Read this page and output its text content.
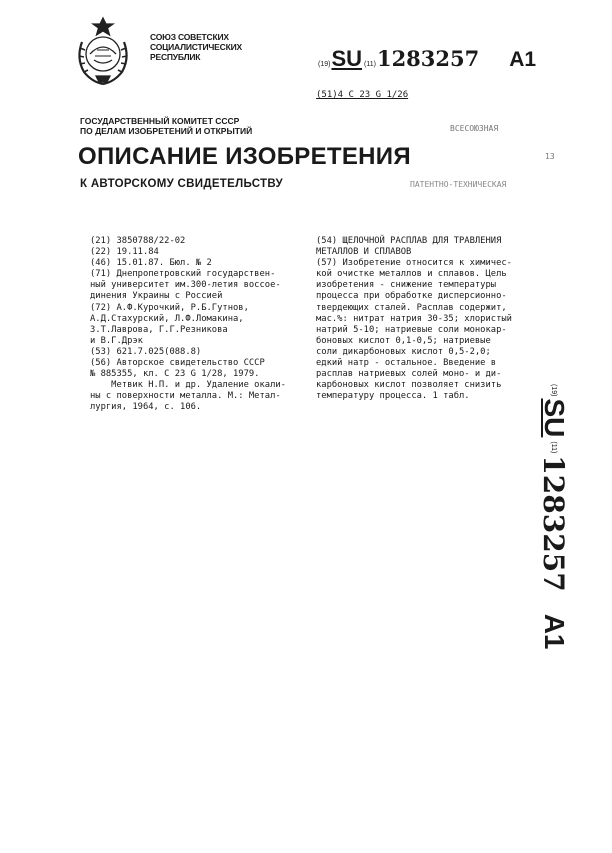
СОЮЗ СОВЕТСКИХ
СОЦИАЛИСТИЧЕСКИХ
РЕСПУБЛИК
(19) SU (11) 1283257 A1
(51)4 С 23 G 1/26
ГОСУДАРСТВЕННЫЙ КОМИТЕТ СССР
ПО ДЕЛАМ ИЗОБРЕТЕНИЙ И ОТКРЫТИЙ	ВСЕСОЮЗНАЯ
13
ПАТЕНТНО-ТЕХНИЧЕСКАЯ
ОПИСАНИЕ ИЗОБРЕТЕНИЯ
К АВТОРСКОМУ СВИДЕТЕЛЬСТВУ
(21) 3850788/22-02
(22) 19.11.84
(46) 15.01.87. Бюл. № 2
(71) Днепропетровский государствен-
ный университет им.300-летия воссое-
динения Украины с Россией
(72) А.Ф.Курочкий, Р.Б.Гутнов,
А.Д.Стахурский, Л.Ф.Ломакина,
З.Т.Лаврова, Г.Г.Резникова
и В.Г.Дрэк
(53) 621.7.025(088.8)
(56) Авторское свидетельство СССР
№ 885355, кл. С 23 G 1/28, 1979.
Метвик Н.П. и др. Удаление окали-
ны с поверхности металла. М.: Метал-
лургия, 1964, с. 106.
(54) ЩЕЛОЧНОЙ РАСПЛАВ ДЛЯ ТРАВЛЕНИЯ
МЕТАЛЛОВ И СПЛАВОВ
(57) Изобретение относится к химичес-
кой очистке металлов и сплавов. Цель
изобретения - снижение температуры
процесса при обработке дисперсионно-
твердеющих сталей. Расплав содержит,
мас.%: нитрат натрия 30-35; хлористый
натрий 5-10; натриевые соли монокар-
боновых кислот 0,1-0,5; натриевые
соли дикарбоновых кислот 0,5-2,0;
едкий натр - остальное. Введение в
расплав натриевых солей моно- и ди-
карбоновых кислот позволяет снизить
температуру процесса. 1 табл.	(19)
SU
(11)
1283257
A1
